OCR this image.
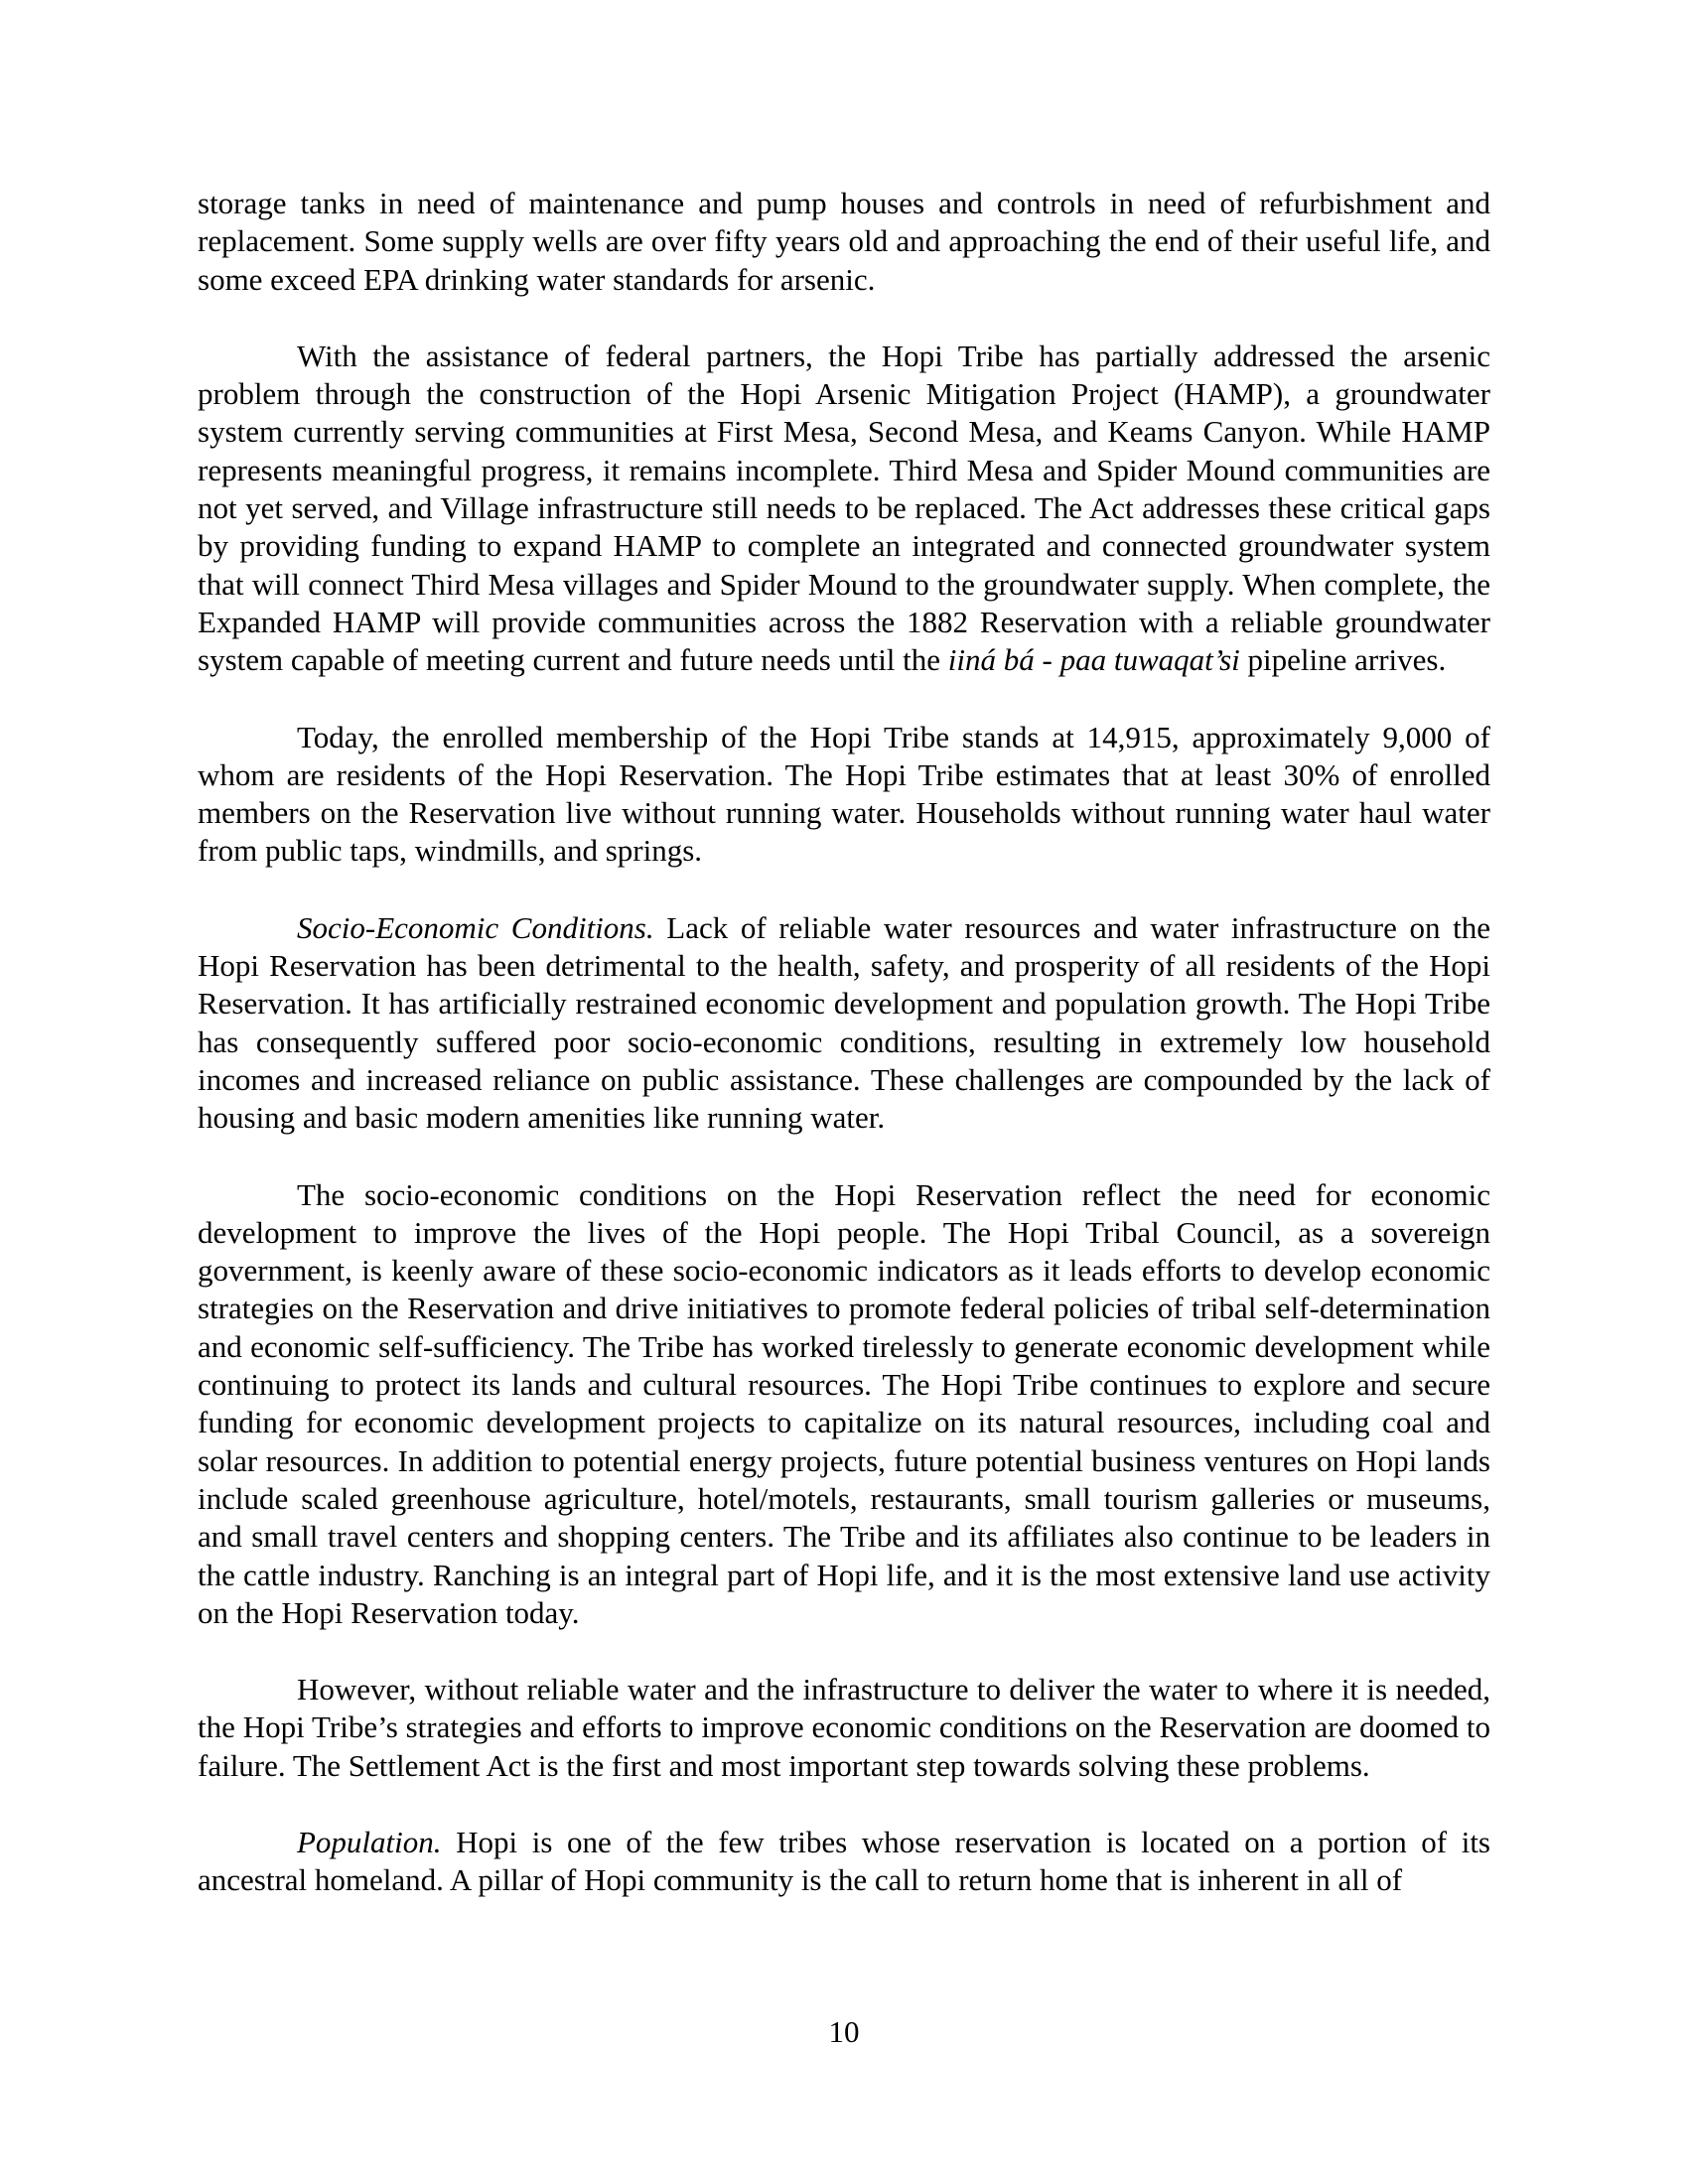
storage tanks in need of maintenance and pump houses and controls in need of refurbishment and replacement. Some supply wells are over fifty years old and approaching the end of their useful life, and some exceed EPA drinking water standards for arsenic.

With the assistance of federal partners, the Hopi Tribe has partially addressed the arsenic problem through the construction of the Hopi Arsenic Mitigation Project (HAMP), a groundwater system currently serving communities at First Mesa, Second Mesa, and Keams Canyon. While HAMP represents meaningful progress, it remains incomplete. Third Mesa and Spider Mound communities are not yet served, and Village infrastructure still needs to be replaced. The Act addresses these critical gaps by providing funding to expand HAMP to complete an integrated and connected groundwater system that will connect Third Mesa villages and Spider Mound to the groundwater supply. When complete, the Expanded HAMP will provide communities across the 1882 Reservation with a reliable groundwater system capable of meeting current and future needs until the iiná bá - paa tuwaqat’si pipeline arrives.

Today, the enrolled membership of the Hopi Tribe stands at 14,915, approximately 9,000 of whom are residents of the Hopi Reservation. The Hopi Tribe estimates that at least 30% of enrolled members on the Reservation live without running water. Households without running water haul water from public taps, windmills, and springs.

Socio-Economic Conditions. Lack of reliable water resources and water infrastructure on the Hopi Reservation has been detrimental to the health, safety, and prosperity of all residents of the Hopi Reservation. It has artificially restrained economic development and population growth. The Hopi Tribe has consequently suffered poor socio-economic conditions, resulting in extremely low household incomes and increased reliance on public assistance. These challenges are compounded by the lack of housing and basic modern amenities like running water.

The socio-economic conditions on the Hopi Reservation reflect the need for economic development to improve the lives of the Hopi people. The Hopi Tribal Council, as a sovereign government, is keenly aware of these socio-economic indicators as it leads efforts to develop economic strategies on the Reservation and drive initiatives to promote federal policies of tribal self-determination and economic self-sufficiency. The Tribe has worked tirelessly to generate economic development while continuing to protect its lands and cultural resources. The Hopi Tribe continues to explore and secure funding for economic development projects to capitalize on its natural resources, including coal and solar resources. In addition to potential energy projects, future potential business ventures on Hopi lands include scaled greenhouse agriculture, hotel/motels, restaurants, small tourism galleries or museums, and small travel centers and shopping centers. The Tribe and its affiliates also continue to be leaders in the cattle industry. Ranching is an integral part of Hopi life, and it is the most extensive land use activity on the Hopi Reservation today.

However, without reliable water and the infrastructure to deliver the water to where it is needed, the Hopi Tribe’s strategies and efforts to improve economic conditions on the Reservation are doomed to failure. The Settlement Act is the first and most important step towards solving these problems.

Population. Hopi is one of the few tribes whose reservation is located on a portion of its ancestral homeland. A pillar of Hopi community is the call to return home that is inherent in all of

10
